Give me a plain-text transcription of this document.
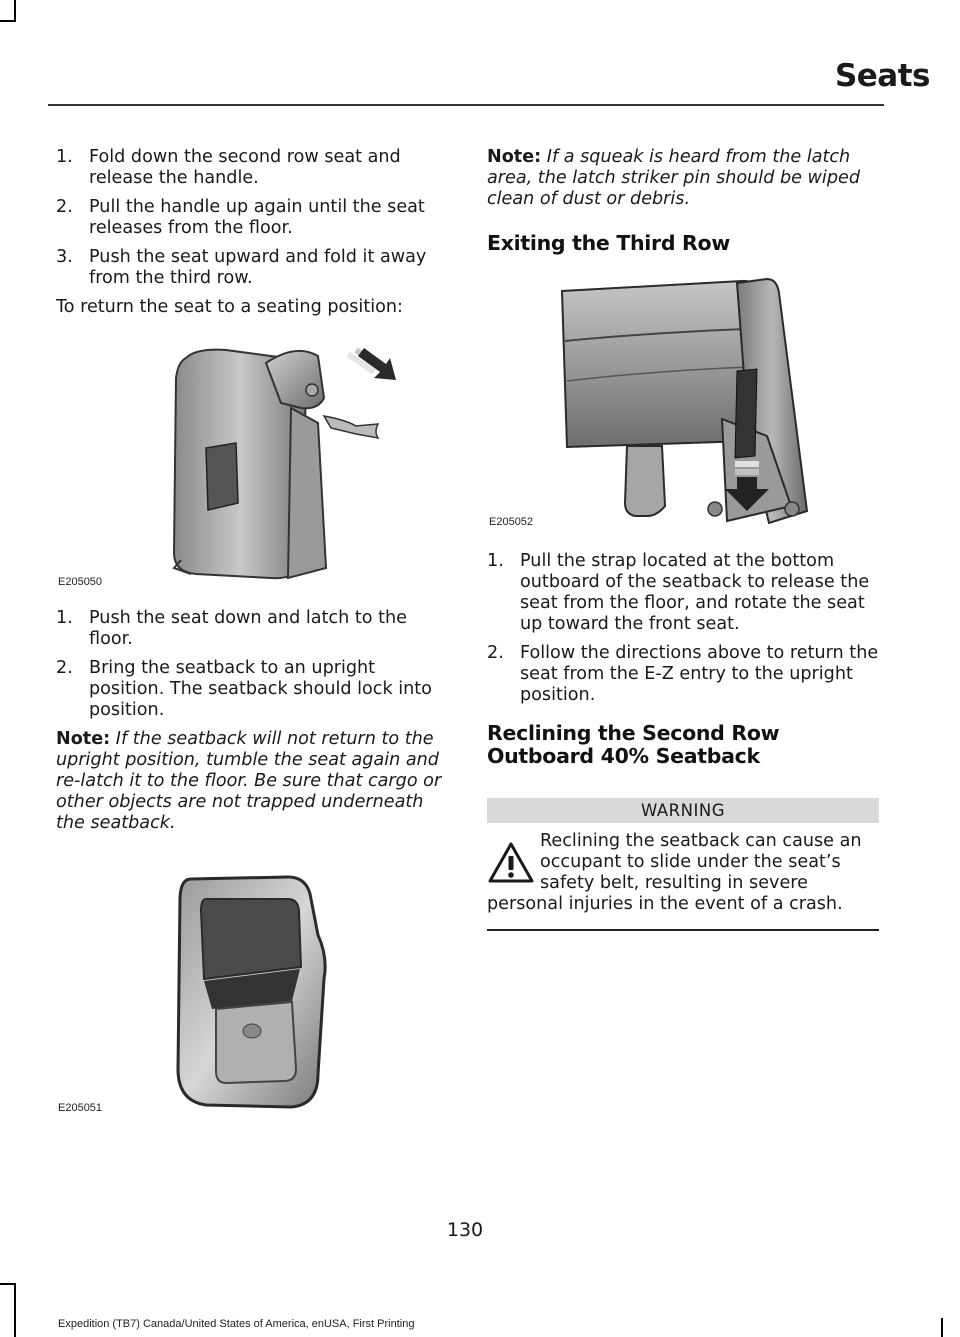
Seats
1. Fold down the second row seat and release the handle.
2. Pull the handle up again until the seat releases from the floor.
3. Push the seat upward and fold it away from the third row.

To return the seat to a seating position:

E205050
1. Push the seat down and latch to the floor.
2. Bring the seatback to an upright position. The seatback should lock into position.

Note: If the seatback will not return to the upright position, tumble the seat again and re-latch it to the floor. Be sure that cargo or other objects are not trapped underneath the seatback.

E205051

Note: If a squeak is heard from the latch area, the latch striker pin should be wiped clean of dust or debris.

Exiting the Third Row
E205052
1. Pull the strap located at the bottom outboard of the seatback to release the seat from the floor, and rotate the seat up toward the front seat.
2. Follow the directions above to return the seat from the E-Z entry to the upright position.
Reclining the Second Row
Outboard 40% Seatback
WARNING
Reclining the seatback can cause an occupant to slide under the seat’s safety belt, resulting in severe
personal injuries in the event of a crash.
130
Expedition (TB7) Canada/United States of America, enUSA, First Printing
